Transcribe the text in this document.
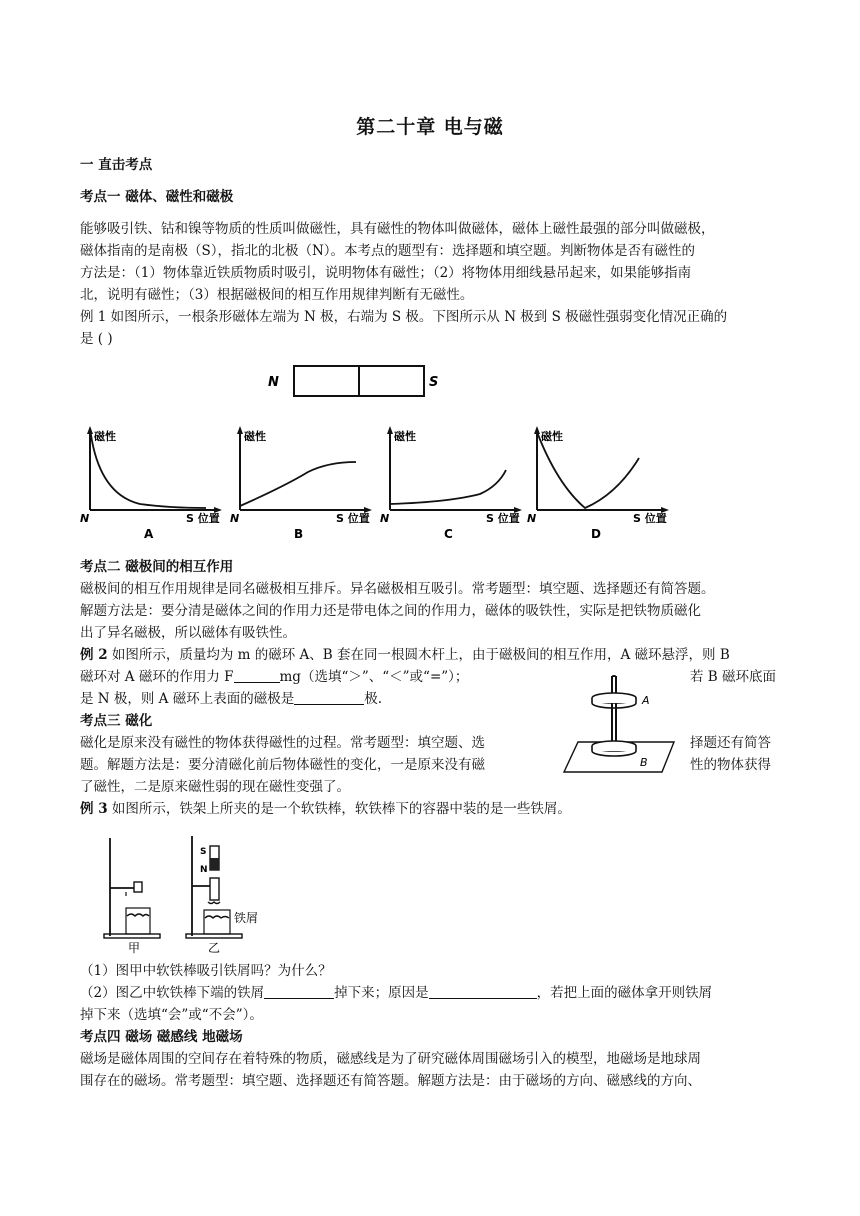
第二十章 电与磁
一 直击考点
考点一 磁体、磁性和磁极
能够吸引铁、钴和镍等物质的性质叫做磁性，具有磁性的物体叫做磁体，磁体上磁性最强的部分叫做磁极，
磁体指南的是南极（S），指北的北极（N）。本考点的题型有：选择题和填空题。判断物体是否有磁性的
方法是：（1）物体靠近铁质物质时吸引，说明物体有磁性；（2）将物体用细线悬吊起来，如果能够指南
北，说明有磁性；（3）根据磁极间的相互作用规律判断有无磁性。
例 1 如图所示，一根条形磁体左端为 N 极，右端为 S 极。下图所示从 N 极到 S 极磁性强弱变化情况正确的
是 ( )
N	S
磁性
N	S 位置
A
磁性
N	S 位置
B
磁性
N	S 位置
C
磁性
N	S 位置
D
考点二 磁极间的相互作用
磁极间的相互作用规律是同名磁极相互排斥。异名磁极相互吸引。常考题型：填空题、选择题还有简答题。
解题方法是：要分清是磁体之间的作用力还是带电体之间的作用力，磁体的吸铁性，实际是把铁物质磁化
出了异名磁极，所以磁体有吸铁性。
例 2 如图所示，质量均为 m 的磁环 A、B 套在同一根圆木杆上，由于磁极间的相互作用，A 磁环悬浮，则 B
磁环对 A 磁环的作用力 F	mg（选填“＞”、“＜”或“=”）；	若 B 磁环底面
是 N 极，则 A 磁环上表面的磁极是	极.	A
B
考点三 磁化
磁化是原来没有磁性的物体获得磁性的过程。常考题型：填空题、选	择题还有简答
题。解题方法是：要分清磁化前后物体磁性的变化，一是原来没有磁	性的物体获得
了磁性，二是原来磁性弱的现在磁性变强了。
例 3 如图所示，铁架上所夹的是一个软铁棒，软铁棒下的容器中装的是一些铁屑。
S
N
铁屑
甲	乙
（1）图甲中软铁棒吸引铁屑吗？为什么？
（2）图乙中软铁棒下端的铁屑	掉下来；原因是	，若把上面的磁体拿开则铁屑
掉下来（选填“会”或“不会”）。
考点四 磁场 磁感线 地磁场
磁场是磁体周围的空间存在着特殊的物质，磁感线是为了研究磁体周围磁场引入的模型，地磁场是地球周
围存在的磁场。常考题型：填空题、选择题还有简答题。解题方法是：由于磁场的方向、磁感线的方向、
